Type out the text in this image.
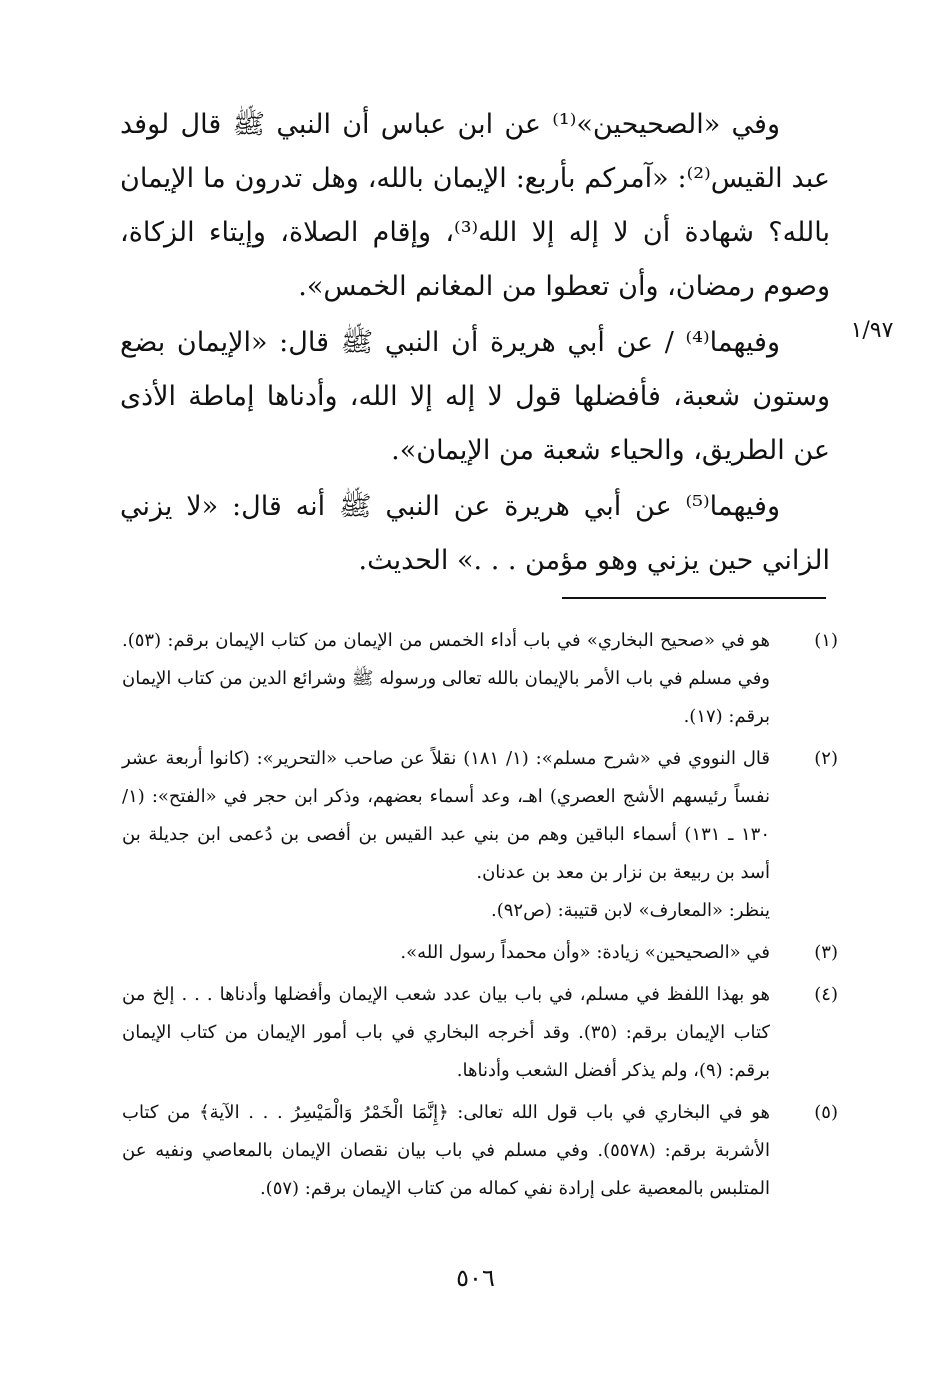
١/٩٧

وفي «الصحيحين»⁽¹⁾ عن ابن عباس أن النبي ﷺ قال لوفد عبد القيس⁽²⁾: «آمركم بأربع: الإيمان بالله، وهل تدرون ما الإيمان بالله؟ شهادة أن لا إله إلا الله⁽³⁾، وإقام الصلاة، وإيتاء الزكاة، وصوم رمضان، وأن تعطوا من المغانم الخمس».

وفيهما⁽⁴⁾ / عن أبي هريرة أن النبي ﷺ قال: «الإيمان بضع وستون شعبة، فأفضلها قول لا إله إلا الله، وأدناها إماطة الأذى عن الطريق، والحياء شعبة من الإيمان».

وفيهما⁽⁵⁾ عن أبي هريرة عن النبي ﷺ أنه قال: «لا يزني الزاني حين يزني وهو مؤمن . . .» الحديث.

(١)
هو في «صحيح البخاري» في باب أداء الخمس من الإيمان من كتاب الإيمان برقم: (٥٣). وفي مسلم في باب الأمر بالإيمان بالله تعالى ورسوله ﷺ وشرائع الدين من كتاب الإيمان برقم: (١٧).
(٢)
قال النووي في «شرح مسلم»: (١/ ١٨١) نقلاً عن صاحب «التحرير»: (كانوا أربعة عشر نفساً رئيسهم الأشج العصري) اهـ، وعد أسماء بعضهم، وذكر ابن حجر في «الفتح»: (١/ ١٣٠ ـ ١٣١) أسماء الباقين وهم من بني عبد القيس بن أفصى بن دُعمى ابن جديلة بن أسد بن ربيعة بن نزار بن معد بن عدنان.
ينظر: «المعارف» لابن قتيبة: (ص٩٢).
(٣)
في «الصحيحين» زيادة: «وأن محمداً رسول الله».
(٤)
هو بهذا اللفظ في مسلم، في باب بيان عدد شعب الإيمان وأفضلها وأدناها . . . إلخ من كتاب الإيمان برقم: (٣٥). وقد أخرجه البخاري في باب أمور الإيمان من كتاب الإيمان برقم: (٩)، ولم يذكر أفضل الشعب وأدناها.
(٥)
هو في البخاري في باب قول الله تعالى: ﴿إِنَّمَا الْخَمْرُ وَالْمَيْسِرُ . . . الآية﴾ من كتاب الأشربة برقم: (٥٥٧٨). وفي مسلم في باب بيان نقصان الإيمان بالمعاصي ونفيه عن المتلبس بالمعصية على إرادة نفي كماله من كتاب الإيمان برقم: (٥٧).
٥٠٦
